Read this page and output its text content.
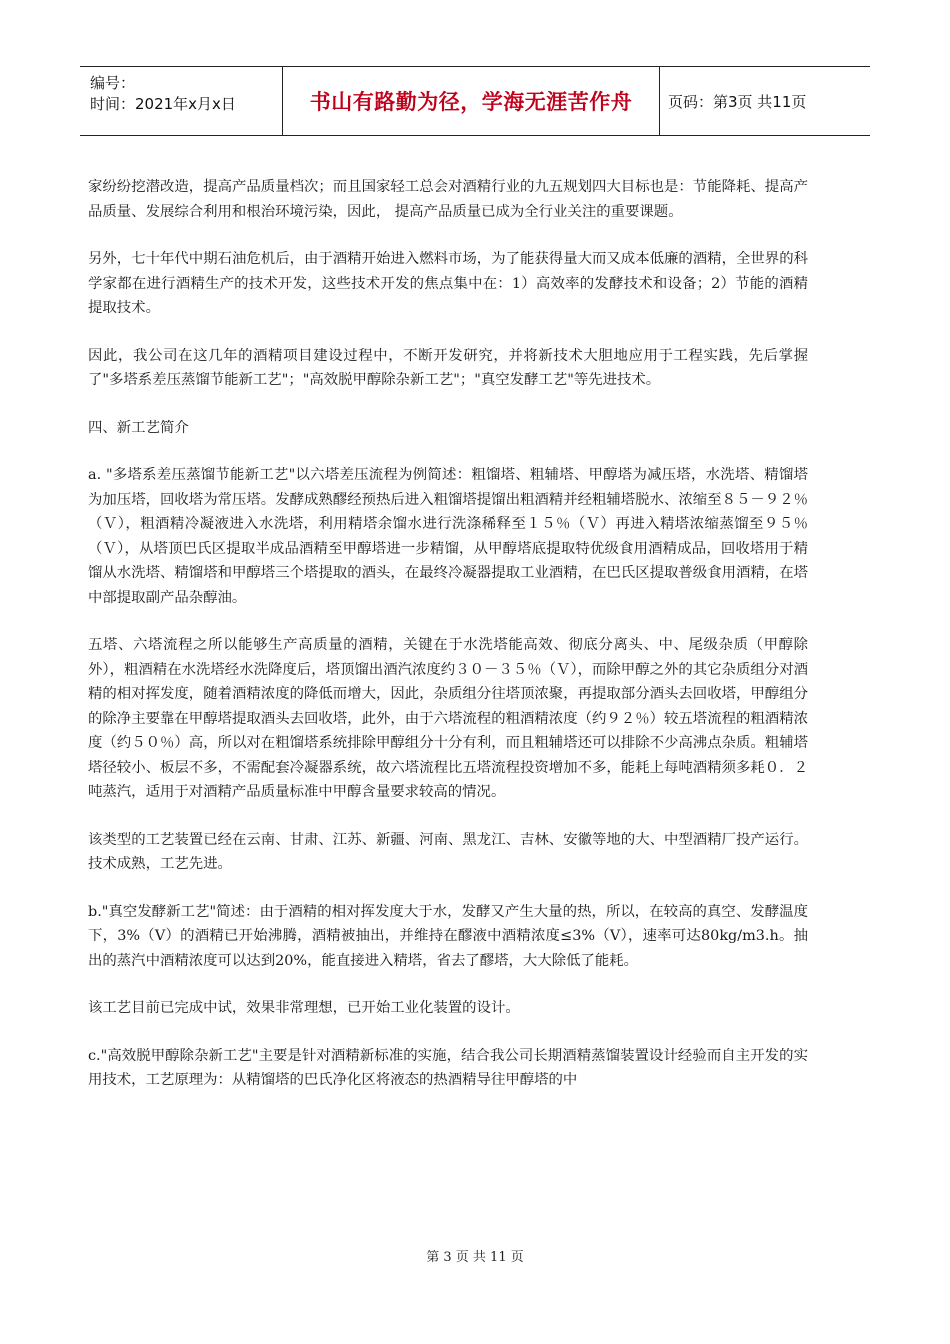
编号：
时间：2021年x月x日	书山有路勤为径，学海无涯苦作舟	页码：第3页 共11页

家纷纷挖潜改造，提高产品质量档次；而且国家轻工总会对酒精行业的九五规划四大目标也是：节能降耗、提高产品质量、发展综合利用和根治环境污染，因此， 提高产品质量已成为全行业关注的重要课题。

另外，七十年代中期石油危机后，由于酒精开始进入燃料市场，为了能获得量大而又成本低廉的酒精，全世界的科学家都在进行酒精生产的技术开发，这些技术开发的焦点集中在：1）高效率的发酵技术和设备；2）节能的酒精提取技术。

因此，我公司在这几年的酒精项目建设过程中，不断开发研究，并将新技术大胆地应用于工程实践，先后掌握了"多塔系差压蒸馏节能新工艺"；"高效脱甲醇除杂新工艺"；"真空发酵工艺"等先进技术。

四、新工艺简介

a. "多塔系差压蒸馏节能新工艺"以六塔差压流程为例简述：粗馏塔、粗辅塔、甲醇塔为减压塔，水洗塔、精馏塔为加压塔，回收塔为常压塔。发酵成熟醪经预热后进入粗馏塔提馏出粗酒精并经粗辅塔脱水、浓缩至８５－９２％（Ｖ），粗酒精冷凝液进入水洗塔，利用精塔余馏水进行洗涤稀释至１５％（Ｖ）再进入精塔浓缩蒸馏至９５％（Ｖ），从塔顶巴氏区提取半成品酒精至甲醇塔进一步精馏，从甲醇塔底提取特优级食用酒精成品，回收塔用于精馏从水洗塔、精馏塔和甲醇塔三个塔提取的酒头，在最终冷凝器提取工业酒精，在巴氏区提取普级食用酒精，在塔中部提取副产品杂醇油。

五塔、六塔流程之所以能够生产高质量的酒精，关键在于水洗塔能高效、彻底分离头、中、尾级杂质（甲醇除外），粗酒精在水洗塔经水洗降度后，塔顶馏出酒汽浓度约３０－３５％（Ｖ），而除甲醇之外的其它杂质组分对酒精的相对挥发度，随着酒精浓度的降低而增大，因此，杂质组分往塔顶浓聚，再提取部分酒头去回收塔，甲醇组分的除净主要靠在甲醇塔提取酒头去回收塔，此外，由于六塔流程的粗酒精浓度（约９２％）较五塔流程的粗酒精浓度（约５０％）高，所以对在粗馏塔系统排除甲醇组分十分有利，而且粗辅塔还可以排除不少高沸点杂质。粗辅塔塔径较小、板层不多，不需配套冷凝器系统，故六塔流程比五塔流程投资增加不多，能耗上每吨酒精须多耗０．２吨蒸汽，适用于对酒精产品质量标准中甲醇含量要求较高的情况。

该类型的工艺装置已经在云南、甘肃、江苏、新疆、河南、黑龙江、吉林、安徽等地的大、中型酒精厂投产运行。技术成熟，工艺先进。

b."真空发酵新工艺"简述：由于酒精的相对挥发度大于水，发酵又产生大量的热，所以，在较高的真空、发酵温度下，3%（V）的酒精已开始沸腾，酒精被抽出，并维持在醪液中酒精浓度≤3%（V），速率可达80kg/m3.h。抽出的蒸汽中酒精浓度可以达到20%，能直接进入精塔，省去了醪塔，大大除低了能耗。

该工艺目前已完成中试，效果非常理想，已开始工业化装置的设计。

c."高效脱甲醇除杂新工艺"主要是针对酒精新标准的实施，结合我公司长期酒精蒸馏装置设计经验而自主开发的实用技术，工艺原理为：从精馏塔的巴氏净化区将液态的热酒精导往甲醇塔的中

第 3 页 共 11 页
